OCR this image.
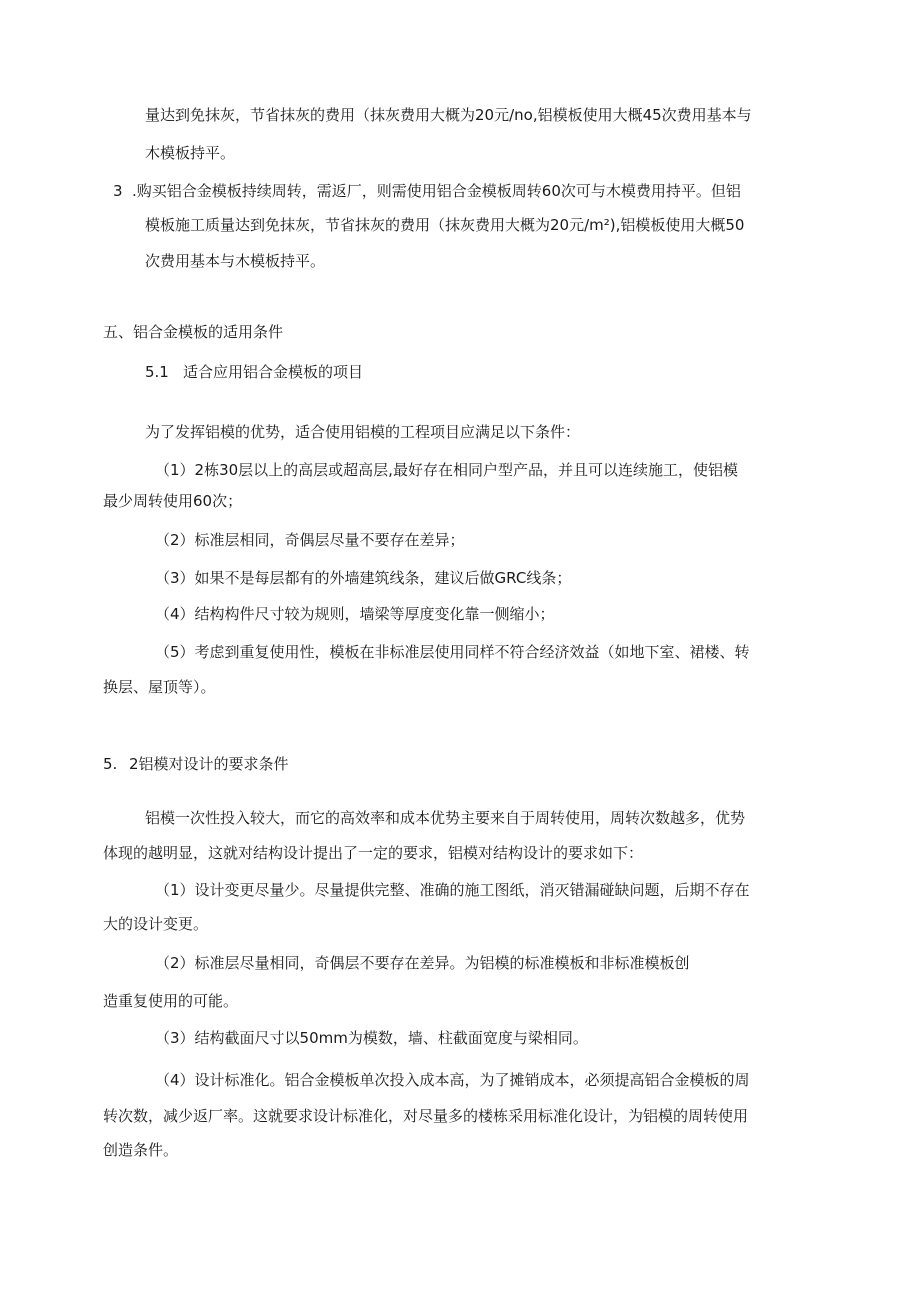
量达到免抹灰，节省抹灰的费用（抹灰费用大概为20元/no,铝模板使用大概45次费用基本与
木模板持平。
3 .购买铝合金模板持续周转，需返厂，则需使用铝合金模板周转60次可与木模费用持平。但铝
模板施工质量达到免抹灰，节省抹灰的费用（抹灰费用大概为20元/m²),铝模板使用大概50
次费用基本与木模板持平。
五、铝合金模板的适用条件
5.1 适合应用铝合金模板的项目
为了发挥铝模的优势，适合使用铝模的工程项目应满足以下条件：
（1）2栋30层以上的高层或超高层,最好存在相同户型产品，并且可以连续施工，使铝模
最少周转使用60次；
（2）标准层相同，奇偶层尽量不要存在差异；
（3）如果不是每层都有的外墙建筑线条，建议后做GRC线条；
（4）结构构件尺寸较为规则，墙梁等厚度变化靠一侧缩小；
（5）考虑到重复使用性，模板在非标准层使用同样不符合经济效益（如地下室、裙楼、转
换层、屋顶等）。
5. 2铝模对设计的要求条件
铝模一次性投入较大，而它的高效率和成本优势主要来自于周转使用，周转次数越多，优势
体现的越明显，这就对结构设计提出了一定的要求，铝模对结构设计的要求如下：
（1）设计变更尽量少。尽量提供完整、准确的施工图纸，消灭错漏碰缺问题，后期不存在
大的设计变更。
（2）标准层尽量相同，奇偶层不要存在差异。为铝模的标准模板和非标准模板创
造重复使用的可能。
（3）结构截面尺寸以50mm为模数，墙、柱截面宽度与梁相同。
（4）设计标准化。铝合金模板单次投入成本高，为了摊销成本，必须提高铝合金模板的周
转次数，减少返厂率。这就要求设计标准化，对尽量多的楼栋采用标准化设计，为铝模的周转使用
创造条件。
